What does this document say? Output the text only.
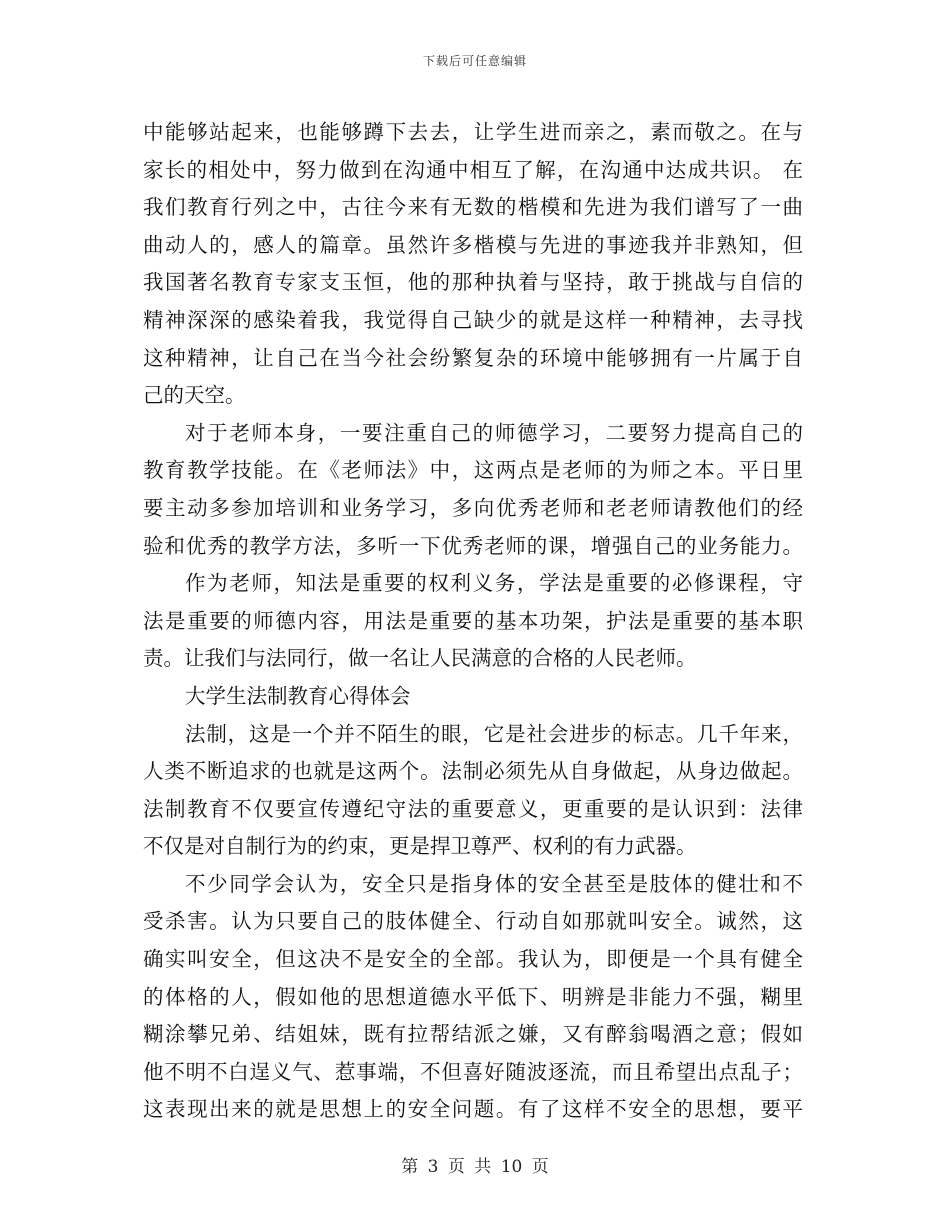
下载后可任意编辑
中能够站起来，也能够蹲下去去，让学生进而亲之，素而敬之。在与
家长的相处中，努力做到在沟通中相互了解，在沟通中达成共识。 在
我们教育行列之中，古往今来有无数的楷模和先进为我们谱写了一曲
曲动人的，感人的篇章。虽然许多楷模与先进的事迹我并非熟知，但
我国著名教育专家支玉恒，他的那种执着与坚持，敢于挑战与自信的
精神深深的感染着我，我觉得自己缺少的就是这样一种精神，去寻找
这种精神，让自己在当今社会纷繁复杂的环境中能够拥有一片属于自
己的天空。
对于老师本身，一要注重自己的师德学习，二要努力提高自己的
教育教学技能。在《老师法》中，这两点是老师的为师之本。平日里
要主动多参加培训和业务学习，多向优秀老师和老老师请教他们的经
验和优秀的教学方法，多听一下优秀老师的课，增强自己的业务能力。
作为老师，知法是重要的权利义务，学法是重要的必修课程，守
法是重要的师德内容，用法是重要的基本功架，护法是重要的基本职
责。让我们与法同行，做一名让人民满意的合格的人民老师。
大学生法制教育心得体会
法制，这是一个并不陌生的眼，它是社会进步的标志。几千年来，
人类不断追求的也就是这两个。法制必须先从自身做起，从身边做起。
法制教育不仅要宣传遵纪守法的重要意义，更重要的是认识到：法律
不仅是对自制行为的约束，更是捍卫尊严、权利的有力武器。
不少同学会认为，安全只是指身体的安全甚至是肢体的健壮和不
受杀害。认为只要自己的肢体健全、行动自如那就叫安全。诚然，这
确实叫安全，但这决不是安全的全部。我认为，即便是一个具有健全
的体格的人，假如他的思想道德水平低下、明辨是非能力不强，糊里
糊涂攀兄弟、结姐妹，既有拉帮结派之嫌，又有醉翁喝酒之意；假如
他不明不白逞义气、惹事端，不但喜好随波逐流，而且希望出点乱子；
这表现出来的就是思想上的安全问题。有了这样不安全的思想，要平
第 3 页 共 10 页
